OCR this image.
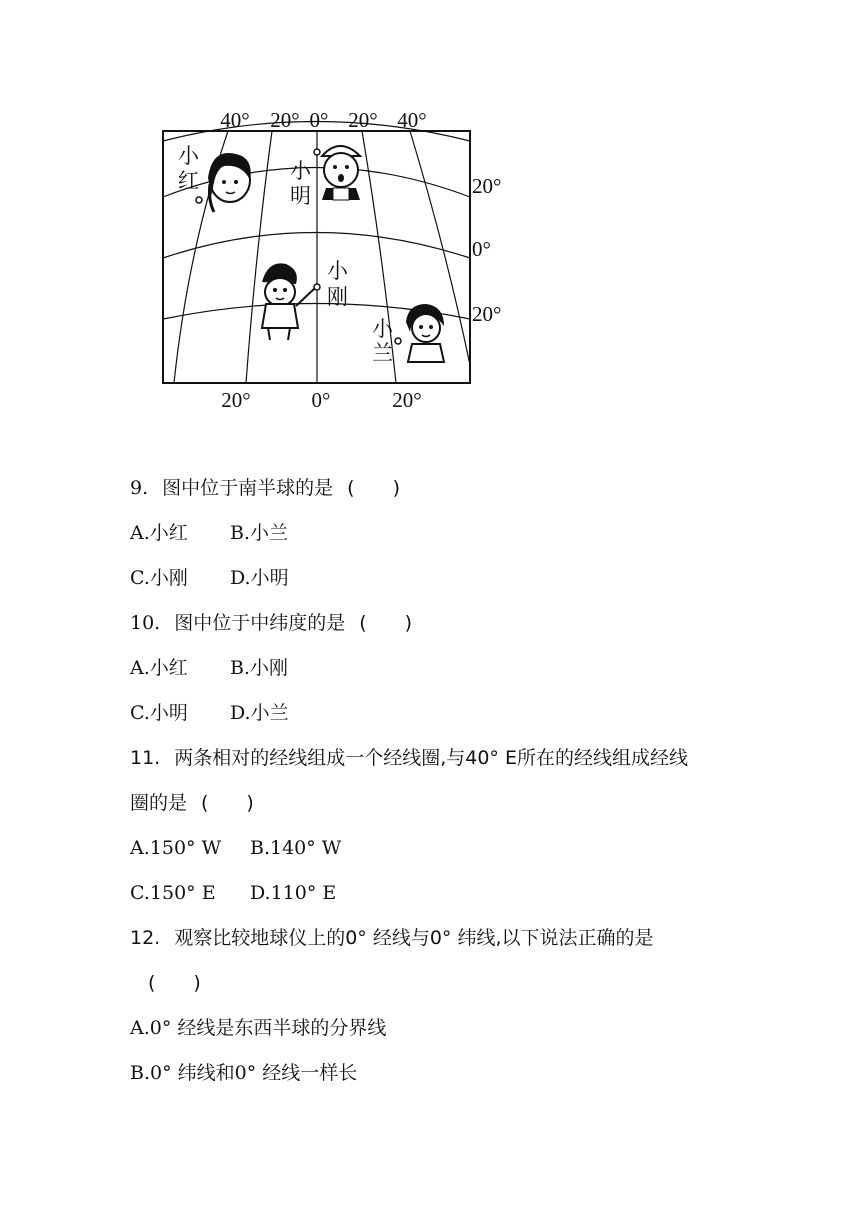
40° 20° 0° 20° 40°
20°	0°	20°
20°
0°
20°
小
红	小
明
小
刚
小
兰
9. 图中位于南半球的是 (　　)
A.小红 B.小兰
C.小刚 D.小明
10. 图中位于中纬度的是 (　　)
A.小红 B.小刚
C.小明 D.小兰
11. 两条相对的经线组成一个经线圈,与40° E所在的经线组成经线
圈的是 (　　)
A.150° W B.140° W
C.150° E D.110° E
12. 观察比较地球仪上的0° 经线与0° 纬线,以下说法正确的是
(　　)
A.0° 经线是东西半球的分界线
B.0° 纬线和0° 经线一样长
